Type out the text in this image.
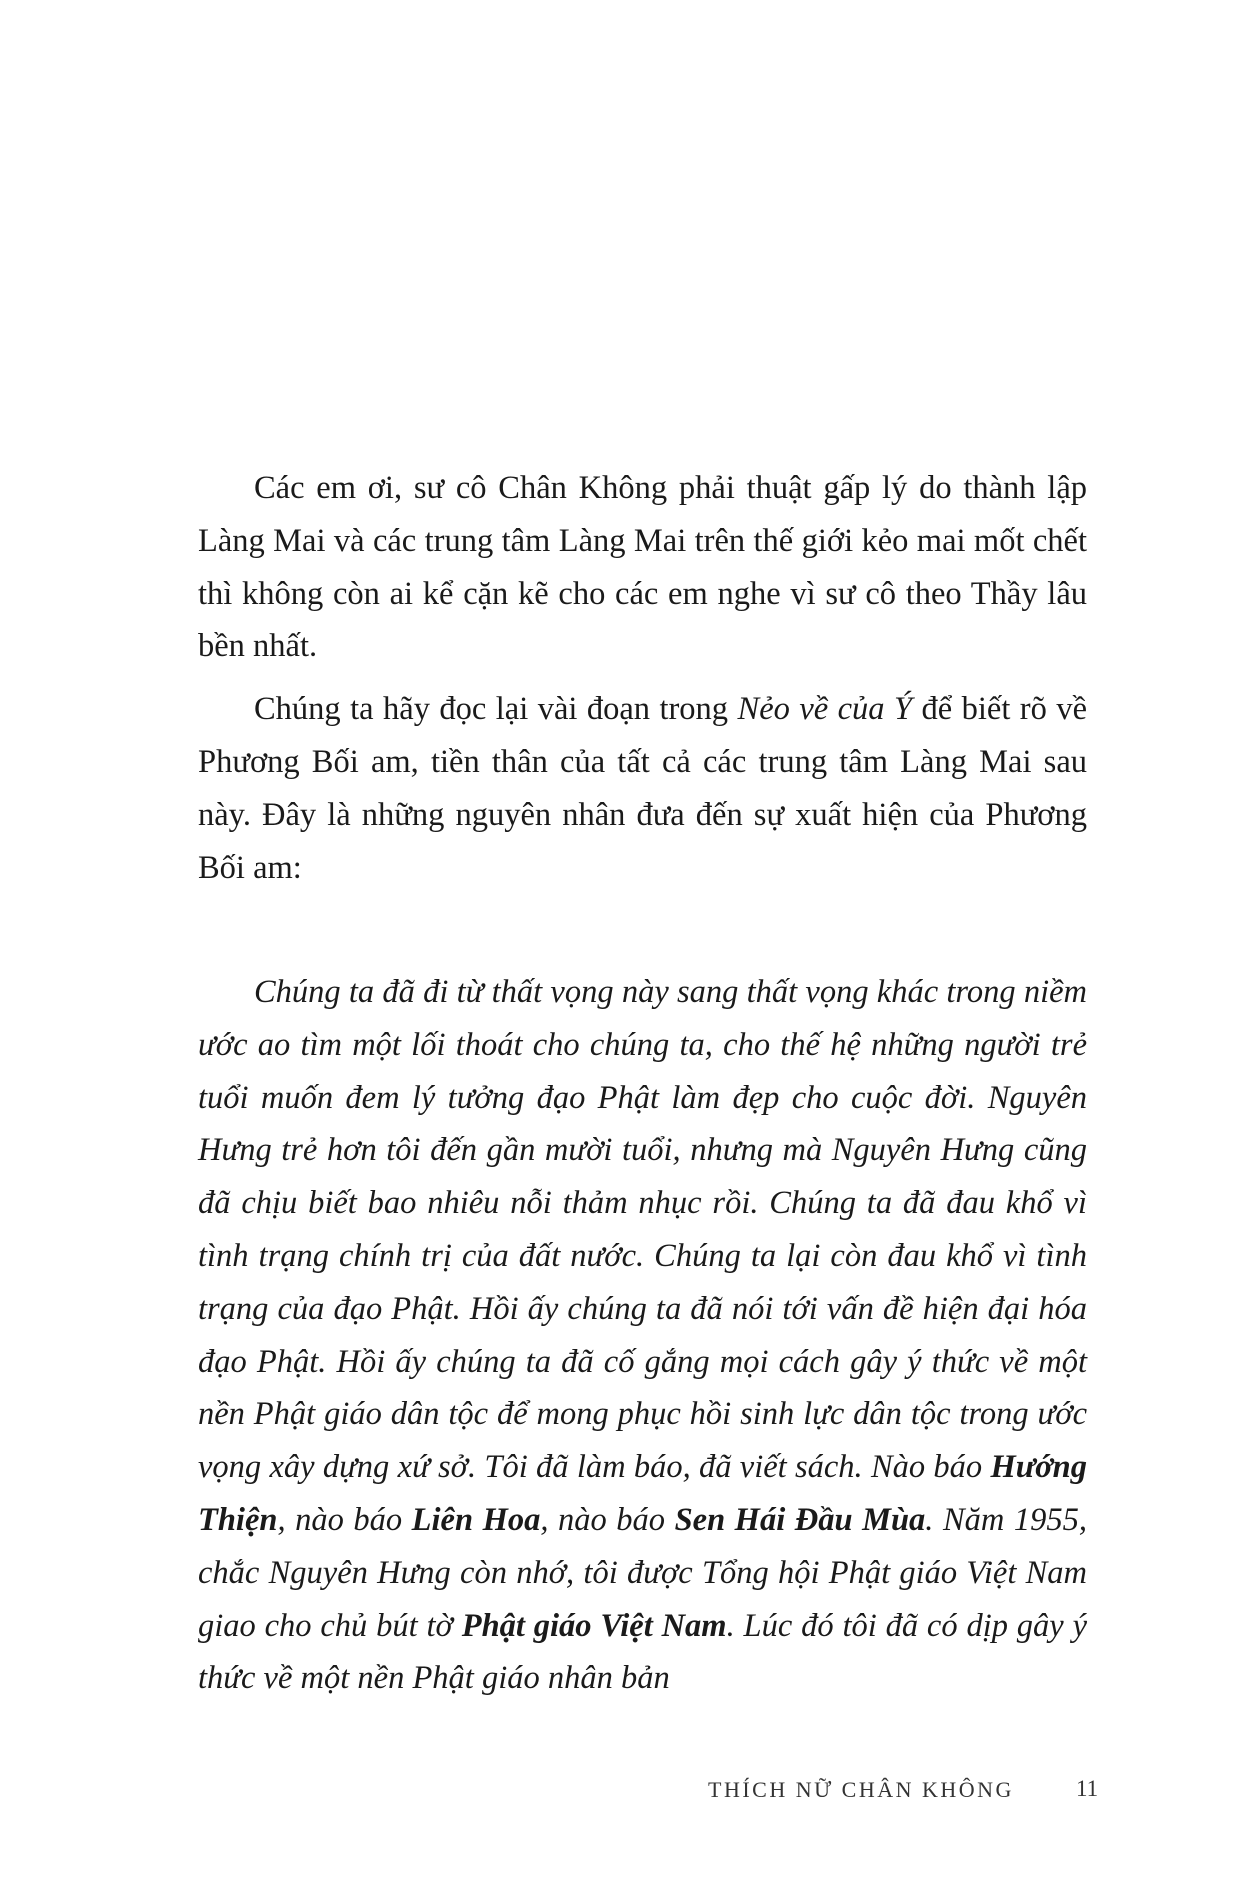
Các em ơi, sư cô Chân Không phải thuật gấp lý do thành lập Làng Mai và các trung tâm Làng Mai trên thế giới kẻo mai mốt chết thì không còn ai kể cặn kẽ cho các em nghe vì sư cô theo Thầy lâu bền nhất.

Chúng ta hãy đọc lại vài đoạn trong Nẻo về của Ý để biết rõ về Phương Bối am, tiền thân của tất cả các trung tâm Làng Mai sau này. Đây là những nguyên nhân đưa đến sự xuất hiện của Phương Bối am:

Chúng ta đã đi từ thất vọng này sang thất vọng khác trong niềm ước ao tìm một lối thoát cho chúng ta, cho thế hệ những người trẻ tuổi muốn đem lý tưởng đạo Phật làm đẹp cho cuộc đời. Nguyên Hưng trẻ hơn tôi đến gần mười tuổi, nhưng mà Nguyên Hưng cũng đã chịu biết bao nhiêu nỗi thảm nhục rồi. Chúng ta đã đau khổ vì tình trạng chính trị của đất nước. Chúng ta lại còn đau khổ vì tình trạng của đạo Phật. Hồi ấy chúng ta đã nói tới vấn đề hiện đại hóa đạo Phật. Hồi ấy chúng ta đã cố gắng mọi cách gây ý thức về một nền Phật giáo dân tộc để mong phục hồi sinh lực dân tộc trong ước vọng xây dựng xứ sở. Tôi đã làm báo, đã viết sách. Nào báo Hướng Thiện, nào báo Liên Hoa, nào báo Sen Hái Đầu Mùa. Năm 1955, chắc Nguyên Hưng còn nhớ, tôi được Tổng hội Phật giáo Việt Nam giao cho chủ bút tờ Phật giáo Việt Nam. Lúc đó tôi đã có dịp gây ý thức về một nền Phật giáo nhân bản

THÍCH NỮ CHÂN KHÔNG	11
